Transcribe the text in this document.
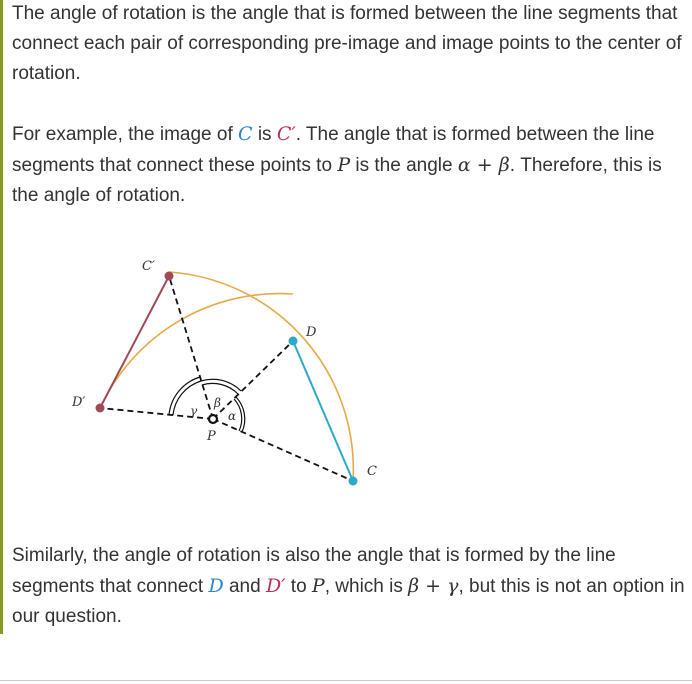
The angle of rotation is the angle that is formed between the line segments that connect each pair of corresponding pre-image and image points to the center of rotation.

For example, the image of C is C′. The angle that is formed between the line segments that connect these points to P is the angle α + β. Therefore, this is the angle of rotation.

C′
D′
D
C
P
α
β
γ

Similarly, the angle of rotation is also the angle that is formed by the line segments that connect D and D′ to P, which is β + γ, but this is not an option in our question.
